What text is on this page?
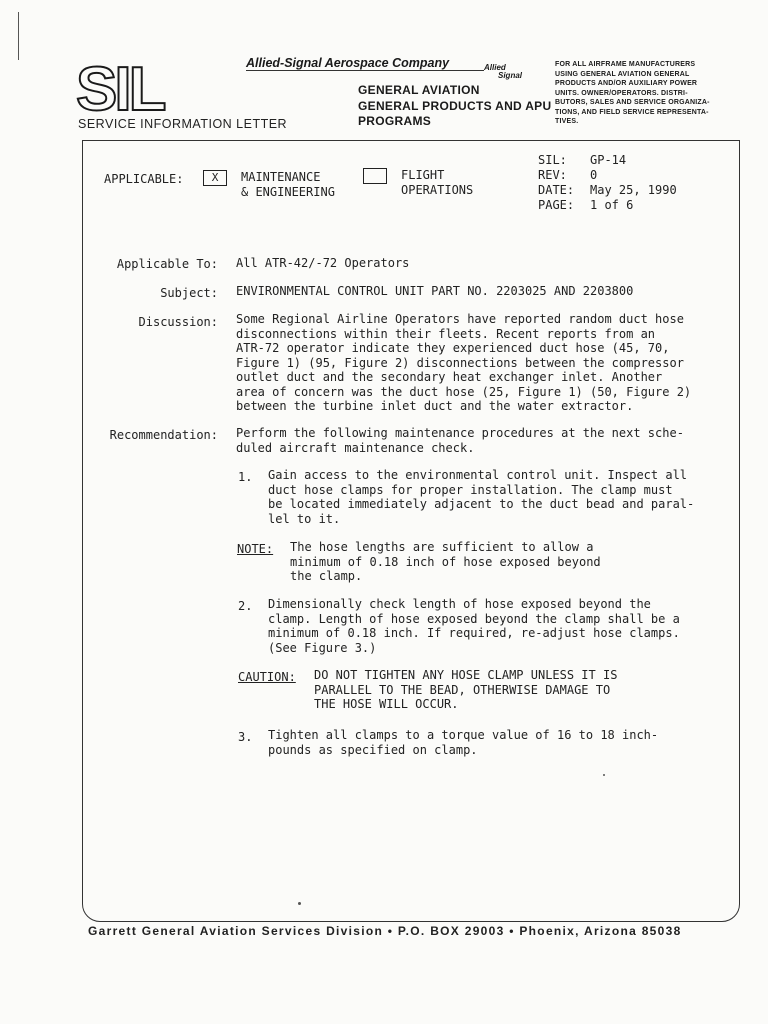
SIL
SERVICE INFORMATION LETTER
Allied-Signal Aerospace Company	Allied
Signal
GENERAL AVIATION
GENERAL PRODUCTS AND APU
PROGRAMS
FOR ALL AIRFRAME MANUFACTURERS
USING GENERAL AVIATION GENERAL
PRODUCTS AND/OR AUXILIARY POWER
UNITS. OWNER/OPERATORS. DISTRI-
BUTORS, SALES AND SERVICE ORGANIZA-
TIONS, AND FIELD SERVICE REPRESENTA-
TIVES.
APPLICABLE:	X	MAINTENANCE
& ENGINEERING
FLIGHT
OPERATIONS
SIL: GP-14
REV: 0
DATE: May 25, 1990
PAGE: 1 of 6
Applicable To: All ATR-42/-72 Operators
Subject: ENVIRONMENTAL CONTROL UNIT PART NO. 2203025 AND 2203800
Discussion: Some Regional Airline Operators have reported random duct hose
disconnections within their fleets. Recent reports from an
ATR-72 operator indicate they experienced duct hose (45, 70,
Figure 1) (95, Figure 2) disconnections between the compressor
outlet duct and the secondary heat exchanger inlet. Another
area of concern was the duct hose (25, Figure 1) (50, Figure 2)
between the turbine inlet duct and the water extractor.
Recommendation: Perform the following maintenance procedures at the next sche-
duled aircraft maintenance check.
1. Gain access to the environmental control unit. Inspect all
duct hose clamps for proper installation. The clamp must
be located immediately adjacent to the duct bead and paral-
lel to it.
NOTE: The hose lengths are sufficient to allow a
minimum of 0.18 inch of hose exposed beyond
the clamp.
2. Dimensionally check length of hose exposed beyond the
clamp. Length of hose exposed beyond the clamp shall be a
minimum of 0.18 inch. If required, re-adjust hose clamps.
(See Figure 3.)
CAUTION: DO NOT TIGHTEN ANY HOSE CLAMP UNLESS IT IS
PARALLEL TO THE BEAD, OTHERWISE DAMAGE TO
THE HOSE WILL OCCUR.
3. Tighten all clamps to a torque value of 16 to 18 inch-
pounds as specified on clamp.
Garrett General Aviation Services Division • P.O. BOX 29003 • Phoenix, Arizona 85038
